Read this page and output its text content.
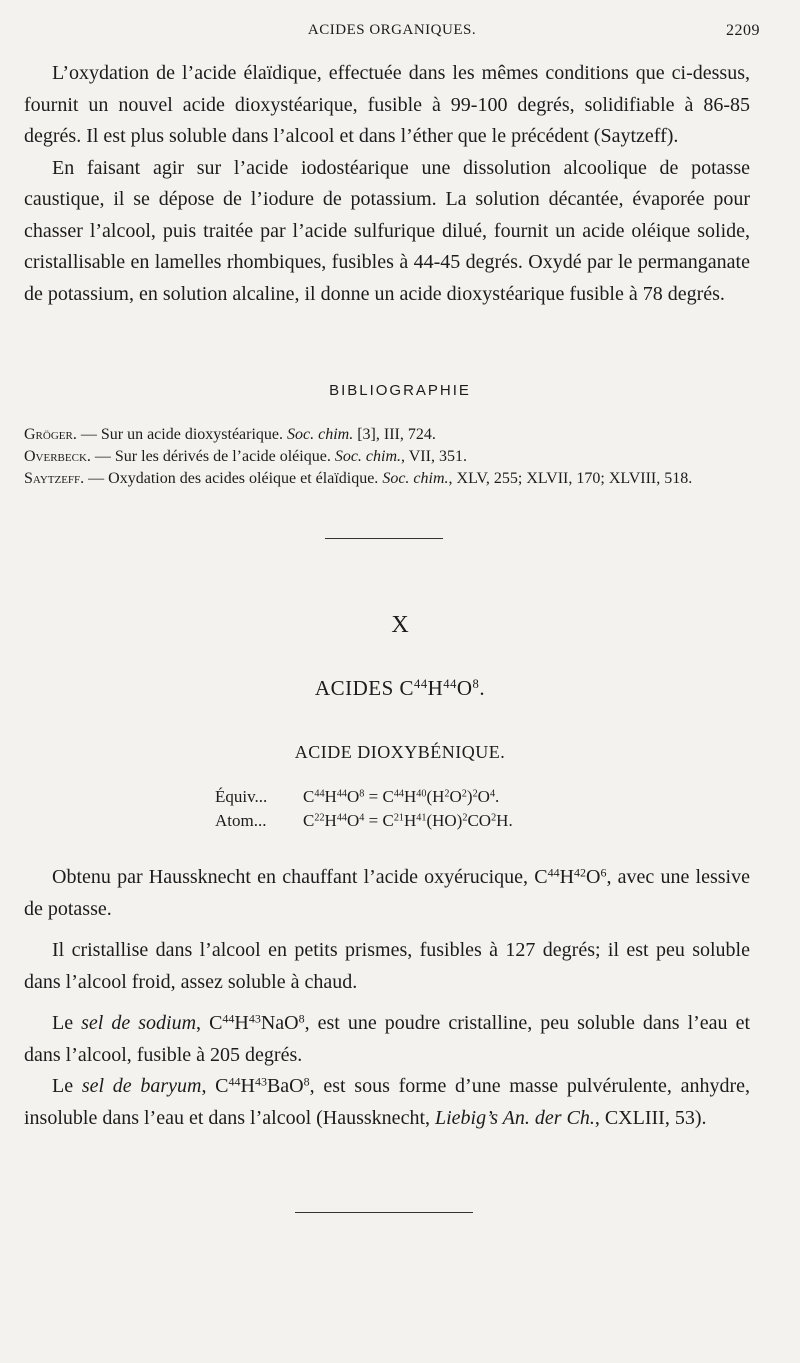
ACIDES ORGANIQUES.	2209

L’oxydation de l’acide élaïdique, effectuée dans les mêmes conditions que ci-dessus, fournit un nouvel acide dioxystéarique, fusible à 99-100 degrés, solidifiable à 86-85 degrés. Il est plus soluble dans l’alcool et dans l’éther que le précédent (Saytzeff).

En faisant agir sur l’acide iodostéarique une dissolution alcoolique de potasse caustique, il se dépose de l’iodure de potassium. La solution décantée, évaporée pour chasser l’alcool, puis traitée par l’acide sulfurique dilué, fournit un acide oléique solide, cristallisable en lamelles rhombiques, fusibles à 44-45 degrés. Oxydé par le permanganate de potassium, en solution alcaline, il donne un acide dioxystéarique fusible à 78 degrés.

BIBLIOGRAPHIE

Gröger. — Sur un acide dioxystéarique. Soc. chim. [3], III, 724.

Overbeck. — Sur les dérivés de l’acide oléique. Soc. chim., VII, 351.

Saytzeff. — Oxydation des acides oléique et élaïdique. Soc. chim., XLV, 255; XLVII, 170; XLVIII, 518.

X
ACIDES $C^{44}H^{44}O^8$.
ACIDE DIOXYBÉNIQUE.
Équiv... $C^{44}H^{44}O^8 = C^{44}H^{40}(H^2O^2)^2O^4$.
Atom... $C^{22}H^{44}O^4 = C^{21}H^{41}(HO)^2CO^2H$.

Obtenu par Haussknecht en chauffant l’acide oxyérucique, $C^{44}H^{42}O^6$, avec une lessive de potasse.

Il cristallise dans l’alcool en petits prismes, fusibles à 127 degrés; il est peu soluble dans l’alcool froid, assez soluble à chaud.

Le sel de sodium, $C^{44}H^{43}NaO^8$, est une poudre cristalline, peu soluble dans l’eau et dans l’alcool, fusible à 205 degrés.

Le sel de baryum, $C^{44}H^{43}BaO^8$, est sous forme d’une masse pulvérulente, anhydre, insoluble dans l’eau et dans l’alcool (Haussknecht, Liebig’s An. der Ch., CXLIII, 53).
